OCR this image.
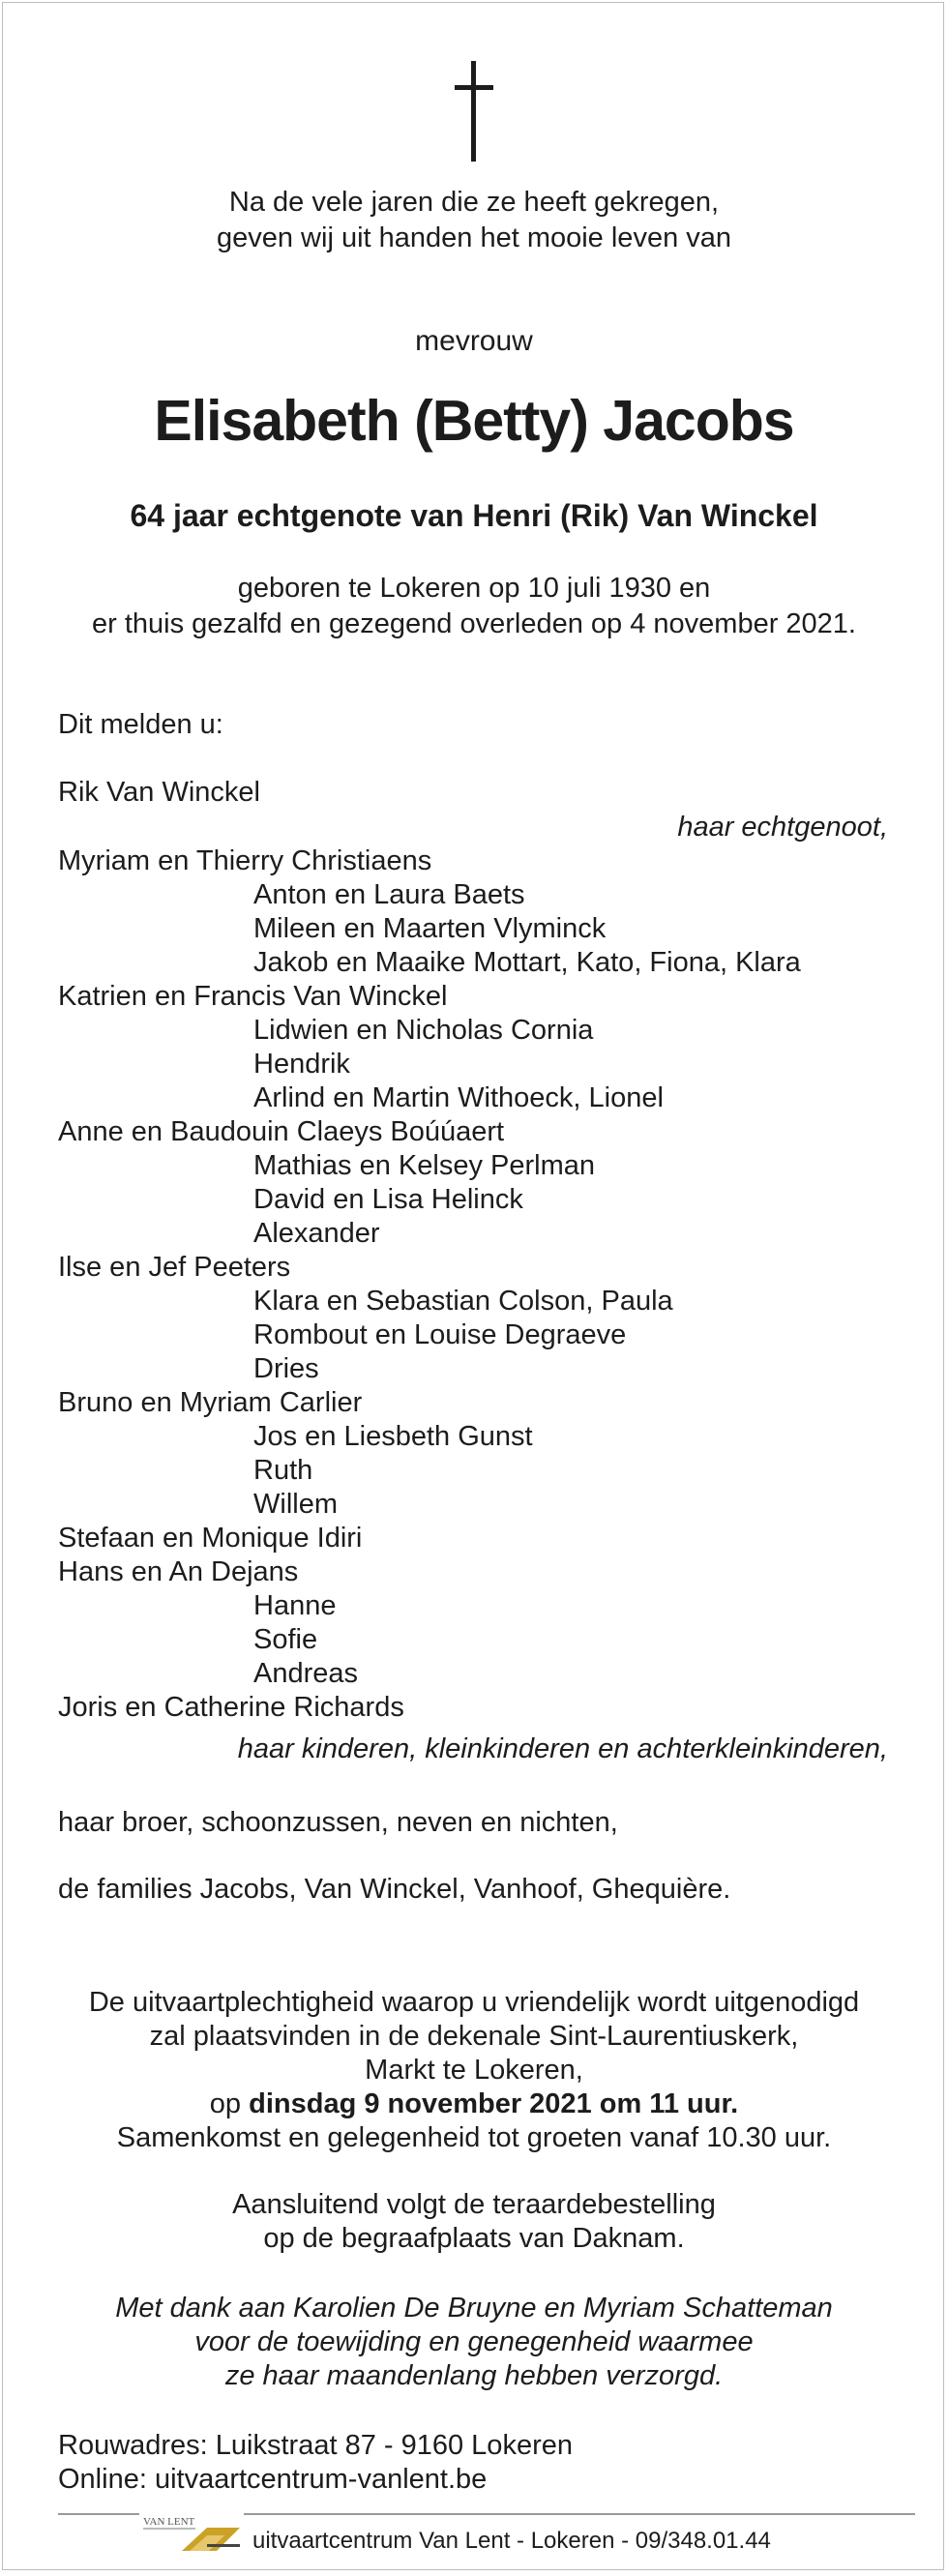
Na de vele jaren die ze heeft gekregen,
geven wij uit handen het mooie leven van
mevrouw
Elisabeth (Betty) Jacobs
64 jaar echtgenote van Henri (Rik) Van Winckel
geboren te Lokeren op 10 juli 1930 en
er thuis gezalfd en gezegend overleden op 4 november 2021.
Dit melden u:
Rik Van Winckel
haar echtgenoot,
Myriam en Thierry Christiaens
Anton en Laura Baets
Mileen en Maarten Vlyminck
Jakob en Maaike Mottart, Kato, Fiona, Klara
Katrien en Francis Van Winckel
Lidwien en Nicholas Cornia
Hendrik
Arlind en Martin Withoeck, Lionel
Anne en Baudouin Claeys Boúúaert
Mathias en Kelsey Perlman
David en Lisa Helinck
Alexander
Ilse en Jef Peeters
Klara en Sebastian Colson, Paula
Rombout en Louise Degraeve
Dries
Bruno en Myriam Carlier
Jos en Liesbeth Gunst
Ruth
Willem
Stefaan en Monique Idiri
Hans en An Dejans
Hanne
Sofie
Andreas
Joris en Catherine Richards
haar kinderen, kleinkinderen en achterkleinkinderen,
haar broer, schoonzussen, neven en nichten,
de families Jacobs, Van Winckel, Vanhoof, Ghequière.
De uitvaartplechtigheid waarop u vriendelijk wordt uitgenodigd
zal plaatsvinden in de dekenale Sint-Laurentiuskerk,
Markt te Lokeren,
op dinsdag 9 november 2021 om 11 uur.
Samenkomst en gelegenheid tot groeten vanaf 10.30 uur.
Aansluitend volgt de teraardebestelling
op de begraafplaats van Daknam.
Met dank aan Karolien De Bruyne en Myriam Schatteman
voor de toewijding en genegenheid waarmee
ze haar maandenlang hebben verzorgd.
Rouwadres: Luikstraat 87 - 9160 Lokeren
Online: uitvaartcentrum-vanlent.be
VAN LENT
uitvaartcentrum Van Lent - Lokeren - 09/348.01.44
